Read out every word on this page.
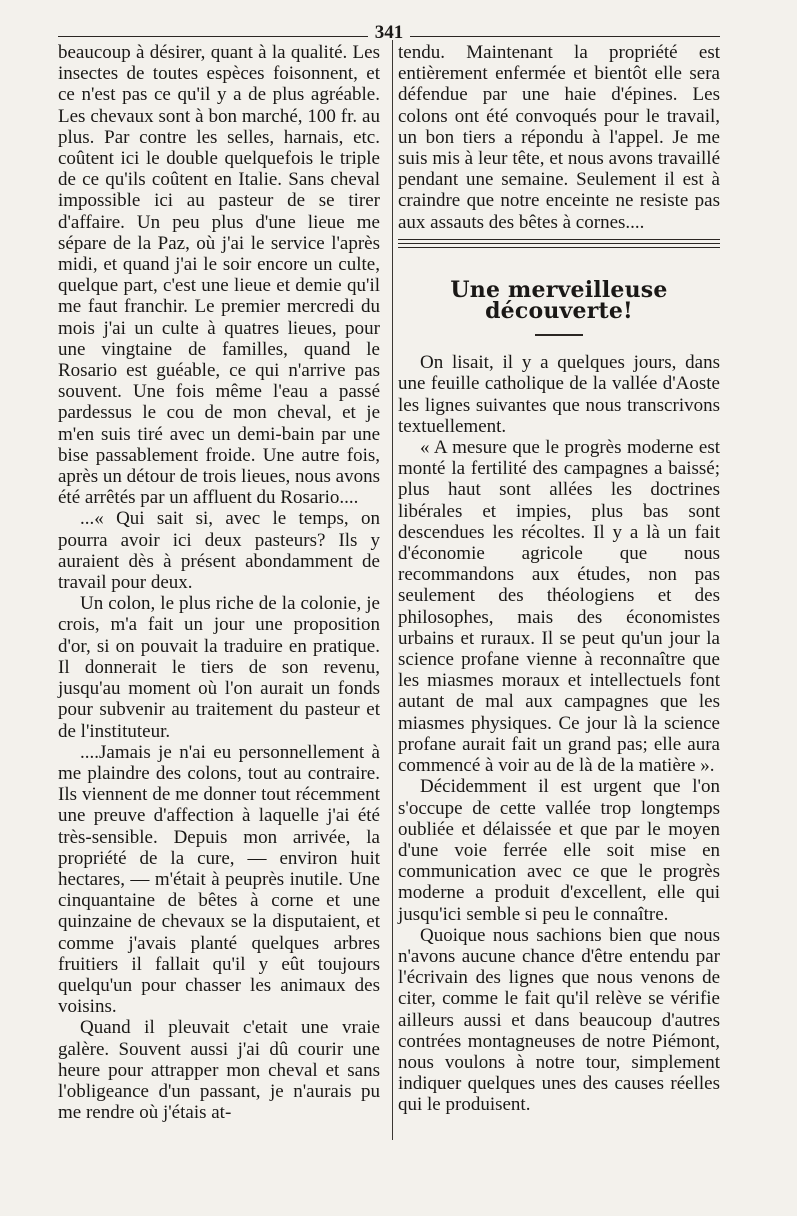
341

beaucoup à désirer, quant à la qualité. Les insectes de toutes espèces foisonnent, et ce n'est pas ce qu'il y a de plus agréable. Les chevaux sont à bon marché, 100 fr. au plus. Par contre les selles, harnais, etc. coûtent ici le double quelquefois le triple de ce qu'ils coûtent en Italie. Sans cheval impossible ici au pasteur de se tirer d'affaire. Un peu plus d'une lieue me sépare de la Paz, où j'ai le service l'après midi, et quand j'ai le soir encore un culte, quelque part, c'est une lieue et demie qu'il me faut franchir. Le premier mercredi du mois j'ai un culte à quatres lieues, pour une vingtaine de familles, quand le Rosario est guéable, ce qui n'arrive pas souvent. Une fois même l'eau a passé pardessus le cou de mon cheval, et je m'en suis tiré avec un demi-bain par une bise passablement froide. Une autre fois, après un détour de trois lieues, nous avons été arrêtés par un affluent du Rosario....

...« Qui sait si, avec le temps, on pourra avoir ici deux pasteurs? Ils y auraient dès à présent abondamment de travail pour deux.

Un colon, le plus riche de la colonie, je crois, m'a fait un jour une proposition d'or, si on pouvait la traduire en pratique. Il donnerait le tiers de son revenu, jusqu'au moment où l'on aurait un fonds pour subvenir au traitement du pasteur et de l'instituteur.

....Jamais je n'ai eu personnellement à me plaindre des colons, tout au contraire. Ils viennent de me donner tout récemment une preuve d'affection à laquelle j'ai été très-sensible. Depuis mon arrivée, la propriété de la cure, — environ huit hectares, — m'était à peuprès inutile. Une cinquantaine de bêtes à corne et une quinzaine de chevaux se la disputaient, et comme j'avais planté quelques arbres fruitiers il fallait qu'il y eût toujours quelqu'un pour chasser les animaux des voisins.

Quand il pleuvait c'etait une vraie galère. Souvent aussi j'ai dû courir une heure pour attrapper mon cheval et sans l'obligeance d'un passant, je n'aurais pu me rendre où j'étais at-

tendu. Maintenant la propriété est entièrement enfermée et bientôt elle sera défendue par une haie d'épines. Les colons ont été convoqués pour le travail, un bon tiers a répondu à l'appel. Je me suis mis à leur tête, et nous avons travaillé pendant une semaine. Seulement il est à craindre que notre enceinte ne resiste pas aux assauts des bêtes à cornes....

Une merveilleuse découverte!

On lisait, il y a quelques jours, dans une feuille catholique de la vallée d'Aoste les lignes suivantes que nous transcrivons textuellement.

« A mesure que le progrès moderne est monté la fertilité des campagnes a baissé; plus haut sont allées les doctrines libérales et impies, plus bas sont descendues les récoltes. Il y a là un fait d'économie agricole que nous recommandons aux études, non pas seulement des théologiens et des philosophes, mais des économistes urbains et ruraux. Il se peut qu'un jour la science profane vienne à reconnaître que les miasmes moraux et intellectuels font autant de mal aux campagnes que les miasmes physiques. Ce jour là la science profane aurait fait un grand pas; elle aura commencé à voir au de là de la matière ».

Décidemment il est urgent que l'on s'occupe de cette vallée trop longtemps oubliée et délaissée et que par le moyen d'une voie ferrée elle soit mise en communication avec ce que le progrès moderne a produit d'excellent, elle qui jusqu'ici semble si peu le connaître.

Quoique nous sachions bien que nous n'avons aucune chance d'être entendu par l'écrivain des lignes que nous venons de citer, comme le fait qu'il relève se vérifie ailleurs aussi et dans beaucoup d'autres contrées montagneuses de notre Piémont, nous voulons à notre tour, simplement indiquer quelques unes des causes réelles qui le produisent.
